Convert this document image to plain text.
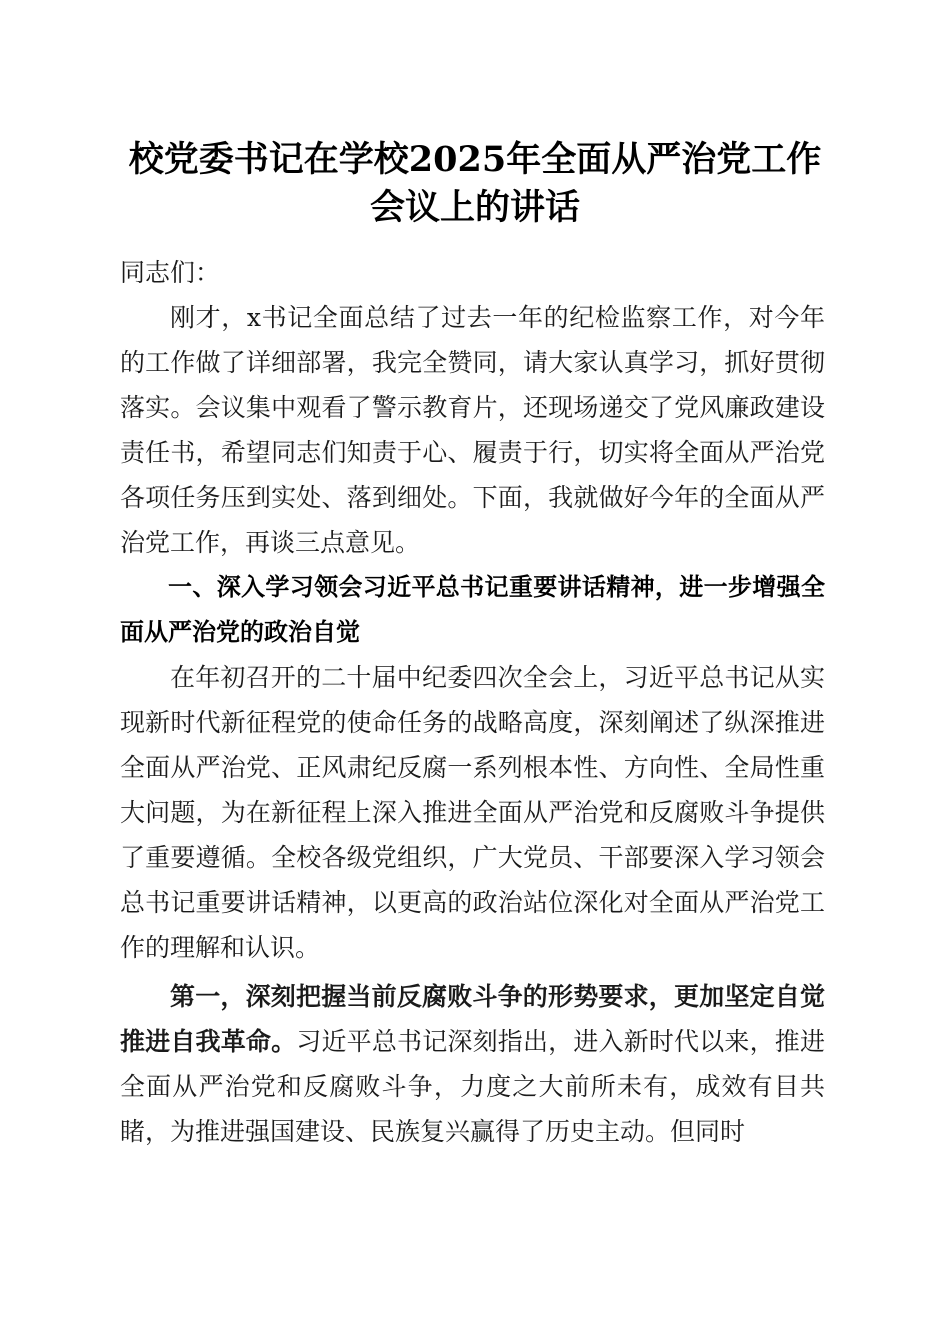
校党委书记在学校2025年全面从严治党工作
会议上的讲话

同志们：

刚才，x书记全面总结了过去一年的纪检监察工作，对今年的工作做了详细部署，我完全赞同，请大家认真学习，抓好贯彻落实。会议集中观看了警示教育片，还现场递交了党风廉政建设责任书，希望同志们知责于心、履责于行，切实将全面从严治党各项任务压到实处、落到细处。下面，我就做好今年的全面从严治党工作，再谈三点意见。

一、深入学习领会习近平总书记重要讲话精神，进一步增强全面从严治党的政治自觉

在年初召开的二十届中纪委四次全会上，习近平总书记从实现新时代新征程党的使命任务的战略高度，深刻阐述了纵深推进全面从严治党、正风肃纪反腐一系列根本性、方向性、全局性重大问题，为在新征程上深入推进全面从严治党和反腐败斗争提供了重要遵循。全校各级党组织，广大党员、干部要深入学习领会总书记重要讲话精神，以更高的政治站位深化对全面从严治党工作的理解和认识。

第一，深刻把握当前反腐败斗争的形势要求，更加坚定自觉推进自我革命。习近平总书记深刻指出，进入新时代以来，推进全面从严治党和反腐败斗争，力度之大前所未有，成效有目共睹，为推进强国建设、民族复兴赢得了历史主动。但同时
